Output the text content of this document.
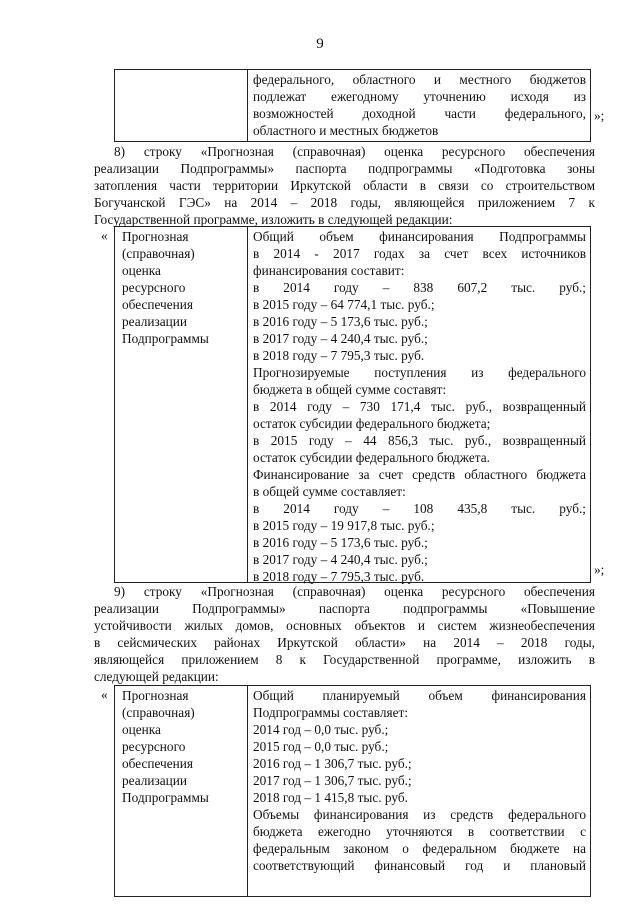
9
федерального, областного и местного бюджетов
подлежат ежегодному уточнению исходя из
возможностей доходной части федерального,
областного и местных бюджетов
»;
8) строку «Прогнозная (справочная) оценка ресурсного обеспечения
реализации Подпрограммы» паспорта подпрограммы «Подготовка зоны
затопления части территории Иркутской области в связи со строительством
Богучанской ГЭС» на 2014 – 2018 годы, являющейся приложением 7 к
Государственной программе, изложить в следующей редакции:
« Прогнозная
(справочная)
оценка
ресурсного
обеспечения
реализации
Подпрограммы
Общий объем финансирования Подпрограммы
в 2014 - 2017 годах за счет всех источников
финансирования составит:
в 2014 году – 838 607,2 тыс. руб.;
в 2015 году – 64 774,1 тыс. руб.;
в 2016 году – 5 173,6 тыс. руб.;
в 2017 году – 4 240,4 тыс. руб.;
в 2018 году – 7 795,3 тыс. руб.
Прогнозируемые поступления из федерального
бюджета в общей сумме составят:
в 2014 году – 730 171,4 тыс. руб., возвращенный
остаток субсидии федерального бюджета;
в 2015 году – 44 856,3 тыс. руб., возвращенный
остаток субсидии федерального бюджета.
Финансирование за счет средств областного бюджета
в общей сумме составляет:
в 2014 году – 108 435,8 тыс. руб.;
в 2015 году – 19 917,8 тыс. руб.;
в 2016 году – 5 173,6 тыс. руб.;
в 2017 году – 4 240,4 тыс. руб.;
в 2018 году – 7 795,3 тыс. руб.	»;
9) строку «Прогнозная (справочная) оценка ресурсного обеспечения
реализации Подпрограммы» паспорта подпрограммы «Повышение
устойчивости жилых домов, основных объектов и систем жизнеобеспечения
в сейсмических районах Иркутской области» на 2014 – 2018 годы,
являющейся приложением 8 к Государственной программе, изложить в
следующей редакции:
« Прогнозная
(справочная)
оценка
ресурсного
обеспечения
реализации
Подпрограммы
Общий планируемый объем финансирования
Подпрограммы составляет:
2014 год – 0,0 тыс. руб.;
2015 год – 0,0 тыс. руб.;
2016 год – 1 306,7 тыс. руб.;
2017 год – 1 306,7 тыс. руб.;
2018 год – 1 415,8 тыс. руб.
Объемы финансирования из средств федерального
бюджета ежегодно уточняются в соответствии с
федеральным законом о федеральном бюджете на
соответствующий финансовый год и плановый
